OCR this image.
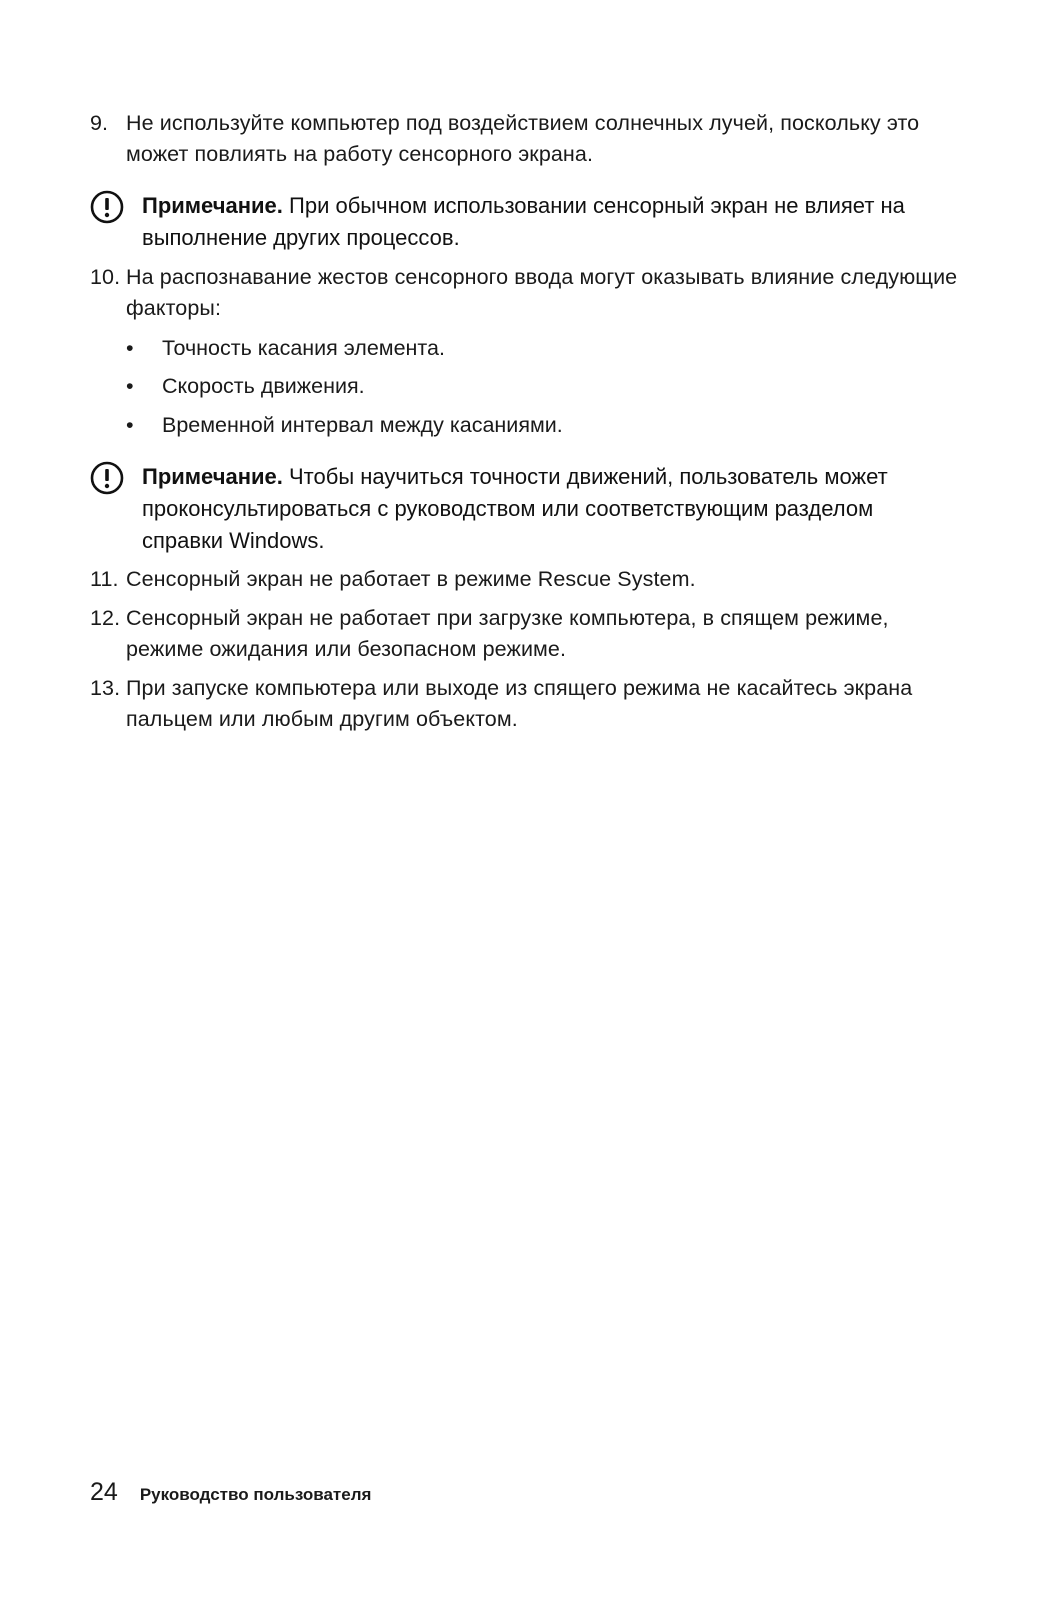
9. Не используйте компьютер под воздействием солнечных лучей, поскольку это может повлиять на работу сенсорного экрана.
Примечание. При обычном использовании сенсорный экран не влияет на выполнение других процессов.
10. На распознавание жестов сенсорного ввода могут оказывать влияние следующие факторы:
• Точность касания элемента.
• Скорость движения.
• Временной интервал между касаниями.
Примечание. Чтобы научиться точности движений, пользователь может проконсультироваться с руководством или соответствующим разделом справки Windows.
11. Сенсорный экран не работает в режиме Rescue System.
12. Сенсорный экран не работает при загрузке компьютера, в спящем режиме, режиме ожидания или безопасном режиме.
13. При запуске компьютера или выходе из спящего режима не касайтесь экрана пальцем или любым другим объектом.
24 Руководство пользователя
